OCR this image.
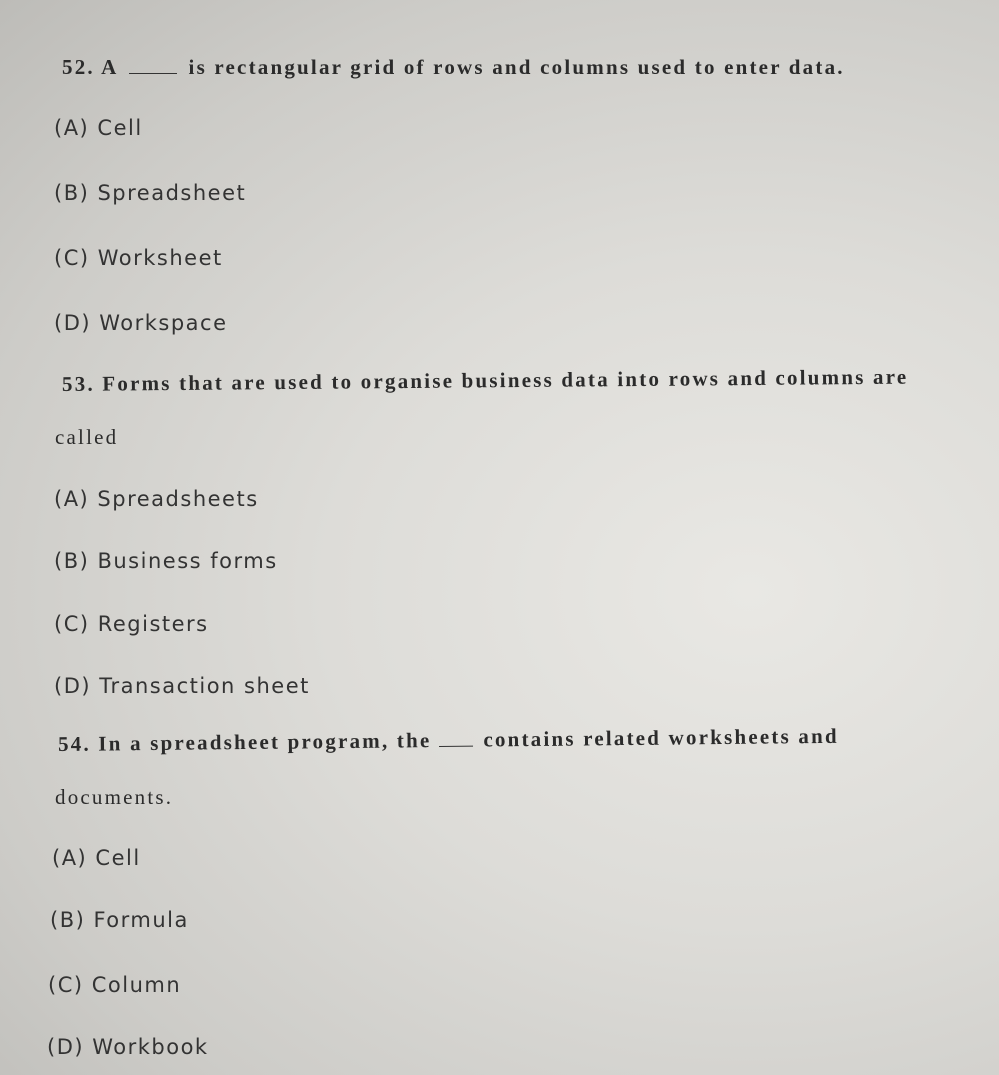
52. A	is rectangular grid of rows and columns used to enter data.
(A) Cell
(B) Spreadsheet
(C) Worksheet
(D) Workspace
53. Forms that are used to organise business data into rows and columns are
called
(A) Spreadsheets
(B) Business forms
(C) Registers
(D) Transaction sheet
54. In a spreadsheet program, the contains related worksheets and
documents.
(A) Cell
(B) Formula
(C) Column
(D) Workbook
